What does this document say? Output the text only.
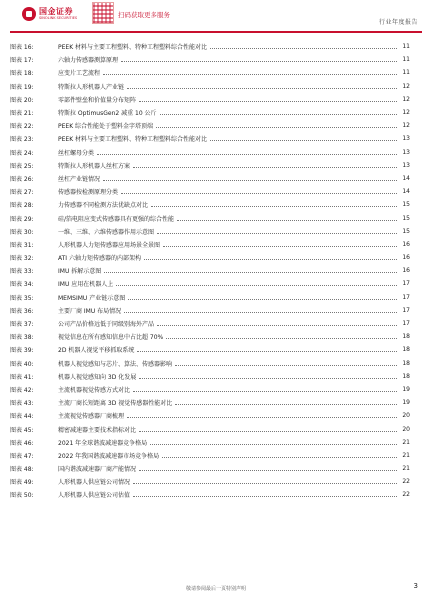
国金证券
SINOLINK SECURITIES	扫码获取更多服务
行业年度报告
图表 16:	PEEK 材料与主要工程塑料、特种工程塑料综合性能对比	11
图表 17:	六轴力传感器测算原理	11
图表 18:	应变片工艺流程	11
图表 19:	特斯拉人形机器人产业链	12
图表 20:	零部件壁垒和价值量分布矩阵	12
图表 21:	特斯拉 OptimusGen2 减重 10 公斤	12
图表 22:	PEEK 综合性能处于塑料金字塔顶端	12
图表 23:	PEEK 材料与主要工程塑料、特种工程塑料综合性能对比	13
图表 24:	丝杠螺母分类	13
图表 25:	特斯拉人形机器人丝杠方案	13
图表 26:	丝杠产业链情况	14
图表 27:	传感器按检测原理分类	14
图表 28:	力传感器不同检测方法优缺点对比	15
图表 29:	硅/箔电阻应变式传感器具有更强的综合性能	15
图表 30:	一维、三维、六维传感器作用示意图	15
图表 31:	人形机器人力矩传感器应用场景全景图	16
图表 32:	ATI 六轴力矩传感器的内部架构	16
图表 33:	IMU 拆解示意图	16
图表 34:	IMU 应用在机器人上	17
图表 35:	MEMSIMU 产业链示意图	17
图表 36:	主要厂商 IMU 布局情况	17
图表 37:	公司产品价格远低于同级别海外产品	17
图表 38:	视觉信息在所有感知信息中占比超 70%	18
图表 39:	2D 机器人视觉平移抓取系统	18
图表 40:	机器人视觉感知与芯片、算法、传感器影响	18
图表 41:	机器人视觉感知向 3D 化发展	18
图表 42:	主流机器视觉传感方式对比	19
图表 43:	主流厂商长短距离 3D 视觉传感器性能对比	19
图表 44:	主流视觉传感器厂商梳理	20
图表 45:	精密减速器主要技术指标对比	20
图表 46:	2021 年全球谐波减速器竞争格局	21
图表 47:	2022 年我国谐波减速器市场竞争格局	21
图表 48:	国内谐波减速器厂商产能情况	21
图表 49:	人形机器人供应链公司情况	22
图表 50:	人形机器人供应链公司估值	22
敬请参阅最后一页特别声明	3
